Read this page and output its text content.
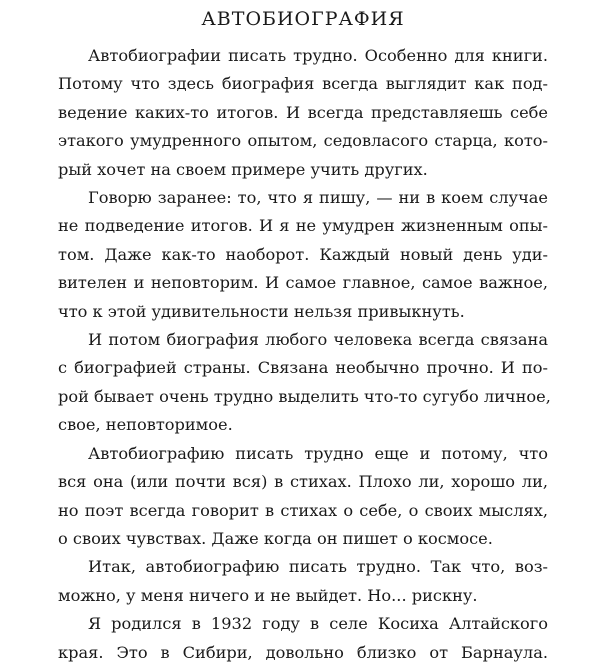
АВТОБИОГРАФИЯ
Автобиографии писать трудно. Особенно для книги.
Потому что здесь биография всегда выглядит как под-
ведение каких-то итогов. И всегда представляешь себе
этакого умудренного опытом, седовласого старца, кото-
рый хочет на своем примере учить других.
Говорю заранее: то, что я пишу, — ни в коем случае
не подведение итогов. И я не умудрен жизненным опы-
том. Даже как-то наоборот. Каждый новый день уди-
вителен и неповторим. И самое главное, самое важное,
что к этой удивительности нельзя привыкнуть.
И потом биография любого человека всегда связана
с биографией страны. Связана необычно прочно. И по-
рой бывает очень трудно выделить что-то сугубо личное,
свое, неповторимое.
Автобиографию писать трудно еще и потому, что
вся она (или почти вся) в стихах. Плохо ли, хорошо ли,
но поэт всегда говорит в стихах о себе, о своих мыслях,
о своих чувствах. Даже когда он пишет о космосе.
Итак, автобиографию писать трудно. Так что, воз-
можно, у меня ничего и не выйдет. Но... рискну.
Я родился в 1932 году в селе Косиха Алтайского
края. Это в Сибири, довольно близко от Барнаула.
